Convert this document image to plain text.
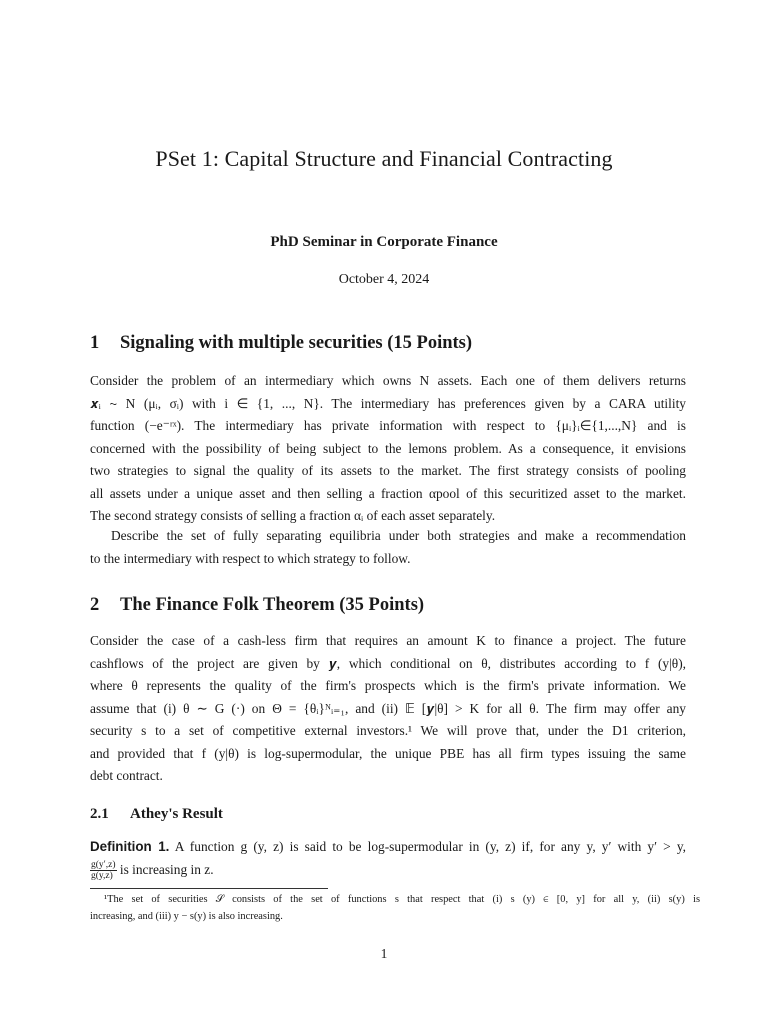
PSet 1: Capital Structure and Financial Contracting
PhD Seminar in Corporate Finance
October 4, 2024
1 Signaling with multiple securities (15 Points)
Consider the problem of an intermediary which owns N assets. Each one of them delivers returns
𝒙ᵢ ∼ N (μᵢ, σᵢ) with i ∈ {1, ..., N}. The intermediary has preferences given by a CARA utility
function (−e⁻ʳˣ). The intermediary has private information with respect to {μᵢ}ᵢ∈{1,...,N} and is
concerned with the possibility of being subject to the lemons problem. As a consequence, it envisions
two strategies to signal the quality of its assets to the market. The first strategy consists of pooling
all assets under a unique asset and then selling a fraction αpool of this securitized asset to the market.
The second strategy consists of selling a fraction αᵢ of each asset separately.
Describe the set of fully separating equilibria under both strategies and make a recommendation
to the intermediary with respect to which strategy to follow.
2 The Finance Folk Theorem (35 Points)
Consider the case of a cash-less firm that requires an amount K to finance a project. The future
cashflows of the project are given by 𝒚, which conditional on θ, distributes according to f (y|θ),
where θ represents the quality of the firm's prospects which is the firm's private information. We
assume that (i) θ ∼ G (·) on Θ = {θᵢ}ᴺᵢ₌₁, and (ii) 𝔼 [𝒚|θ] > K for all θ. The firm may offer any
security s to a set of competitive external investors.¹ We will prove that, under the D1 criterion,
and provided that f (y|θ) is log-supermodular, the unique PBE has all firm types issuing the same
debt contract.
2.1 Athey's Result
Definition 1. A function g (y, z) is said to be log-supermodular in (y, z) if, for any y, y′ with y′ > y,
$\frac{g(y',z)}{g(y,z)}$ is increasing in z.
¹The set of securities 𝒮 consists of the set of functions s that respect that (i) s (y) ∈ [0, y] for all y, (ii) s(y) is
increasing, and (iii) y − s(y) is also increasing.
1
